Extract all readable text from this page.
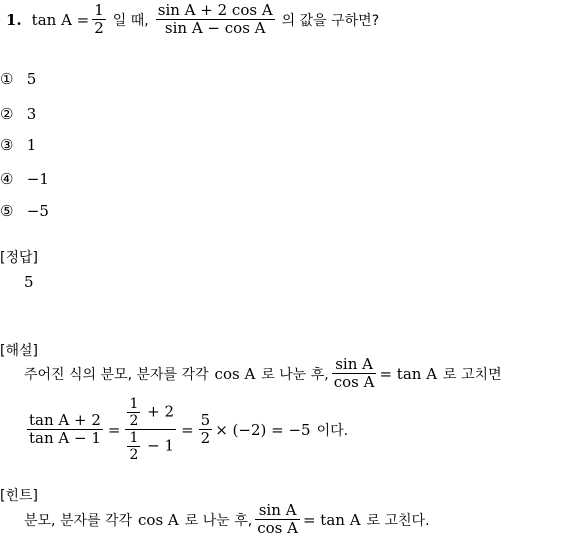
1. $\tan A = \frac{1}{2}$ 일 때, $\frac{\text{sin A + 2 cos A}}{\text{sin A − cos A}}$ 의 값을 구하면?
① 5
② 3
③ 1
④ −1
⑤ −5
[정답]
5
[해설]
주어진 식의 분모, 분자를 각각 cos A 로 나눈 후, $\frac{\text{sin A}}{\text{cos A}} = \tan A$ 로 고치면
$\frac{\text{tan A + 2}}{\text{tan A − 1}} = \frac{\frac{1}{2} + 2}{\frac{1}{2} - 1} = \frac{5}{2} \times (-2) = -5$ 이다.
[힌트]
분모, 분자를 각각 cos A 로 나눈 후, $\frac{\text{sin A}}{\text{cos A}} = \tan A$ 로 고친다.
